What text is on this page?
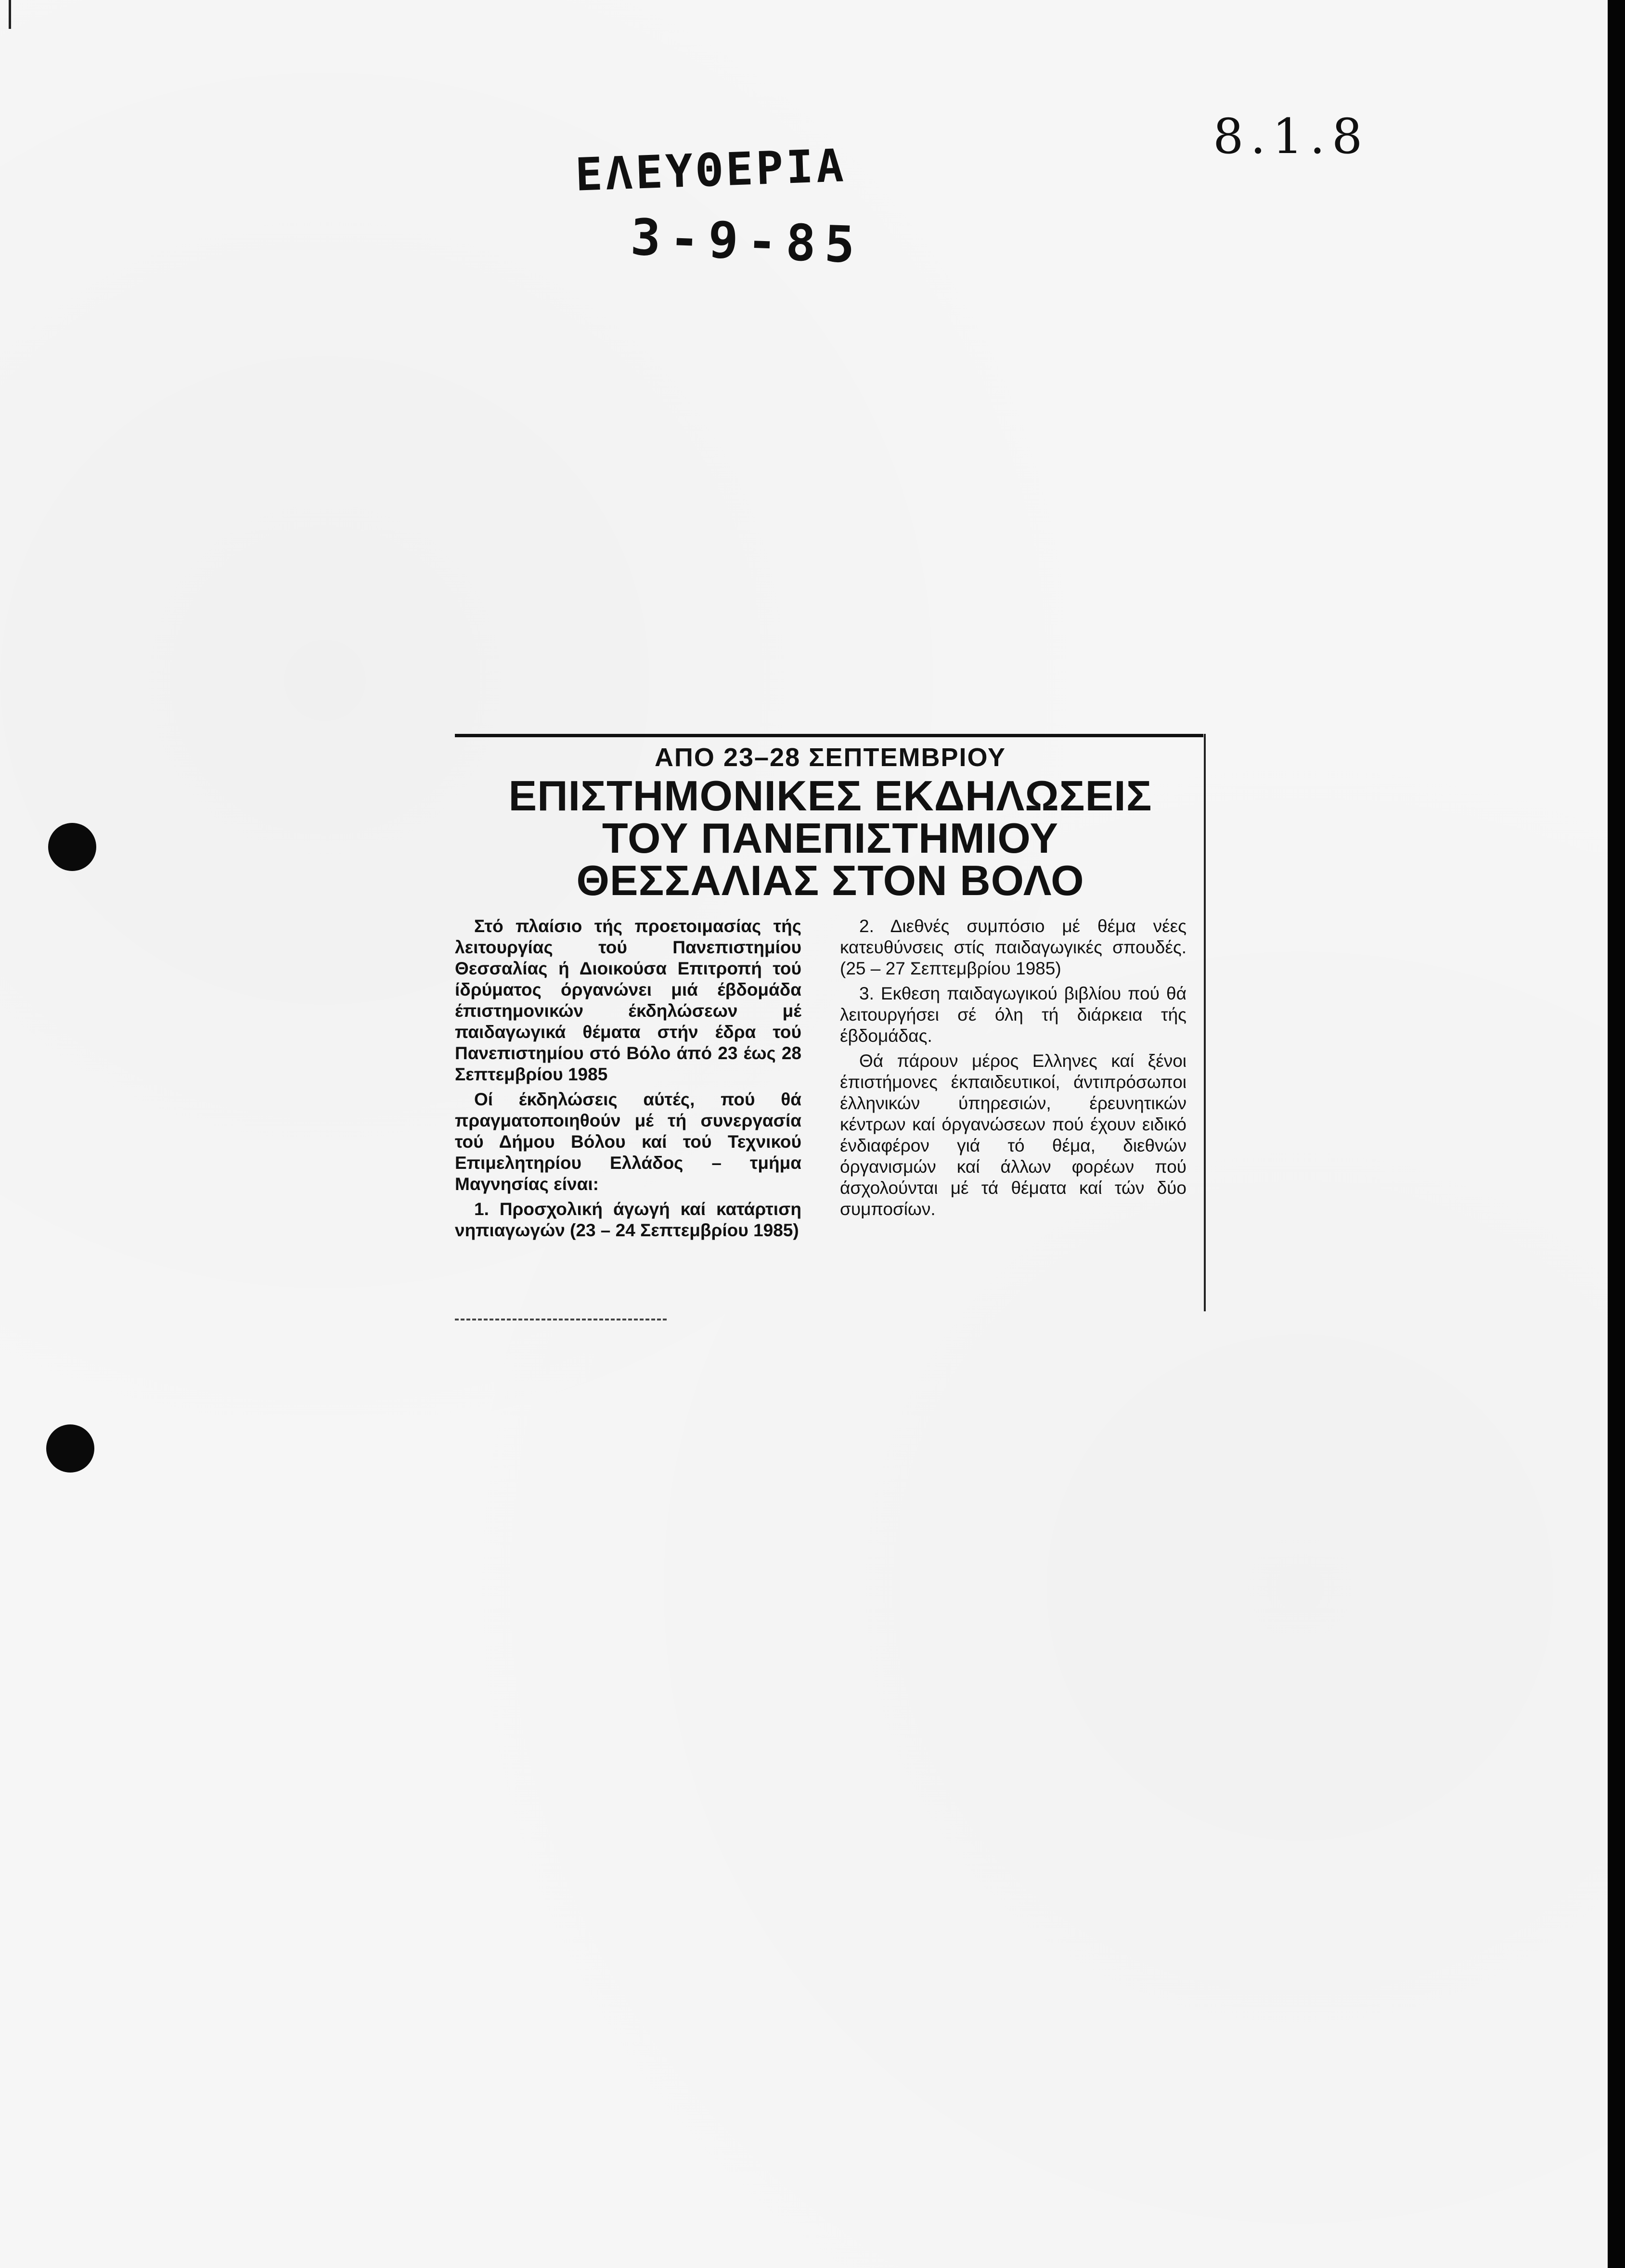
ΕΛΕΥΘΕΡΙΑ
3-9-85
8.1.8
ΑΠΟ 23–28 ΣΕΠΤΕΜΒΡΙΟΥ
ΕΠΙΣΤΗΜΟΝΙΚΕΣ ΕΚΔΗΛΩΣΕΙΣ
ΤΟΥ ΠΑΝΕΠΙΣΤΗΜΙΟΥ
ΘΕΣΣΑΛΙΑΣ ΣΤΟΝ ΒΟΛΟ

Στό πλαίσιο τής προετοιμασίας τής λειτουργίας τού Πανεπιστημίου Θεσσαλίας ή Διοικούσα Επιτροπή τού ίδρύματος όργανώνει μιά έβδομάδα έπιστημονικών έκδηλώσεων μέ παιδαγωγικά θέματα στήν έδρα τού Πανεπιστημίου στό Βόλο άπό 23 έως 28 Σεπτεμβρίου 1985

Οί έκδηλώσεις αύτές, πού θά πραγματοποιηθούν μέ τή συνεργασία τού Δήμου Βόλου καί τού Τεχνικού Επιμελητηρίου Ελλάδος – τμήμα Μαγνησίας είναι:

1. Προσχολική άγωγή καί κατάρτιση νηπιαγωγών (23 – 24 Σεπτεμβρίου 1985)

2. Διεθνές συμπόσιο μέ θέμα νέες κατευθύνσεις στίς παιδαγωγικές σπουδές. (25 – 27 Σεπτεμβρίου 1985)

3. Εκθεση παιδαγωγικού βιβλίου πού θά λειτουργήσει σέ όλη τή διάρκεια τής έβδομάδας.

Θά πάρουν μέρος Ελληνες καί ξένοι έπιστήμονες έκπαιδευτικοί, άντιπρόσωποι έλληνικών ύπηρεσιών, έρευνητικών κέντρων καί όργανώσεων πού έχουν ειδικό ένδιαφέρον γιά τό θέμα, διεθνών όργανισμών καί άλλων φορέων πού άσχολούνται μέ τά θέματα καί τών δύο συμποσίων.
